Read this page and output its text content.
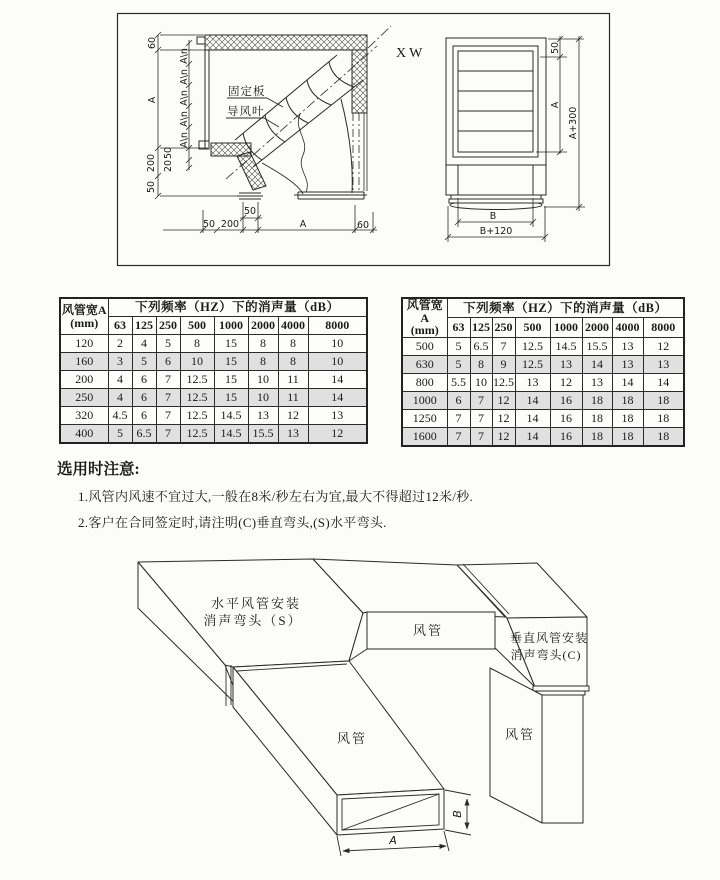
60
A
200
50
A\n
A\n
A\n
A\n
A\n
50
20
50 200
50
A	60
固定板
导风叶
XW	50
A
A+300
B
B+120
风管宽A
(mm)	下列频率（HZ）下的消声量（dB）							
	63	125	250	500	1000	2000	4000	8000
120	2	4	5	8	15	8	8	10
160	3	5	6	10	15	8	8	10
200	4	6	7	12.5	15	10	11	14
250	4	6	7	12.5	15	10	11	14
320	4.5	6	7	12.5	14.5	13	12	13
400	5	6.5	7	12.5	14.5	15.5	13	12
风管宽A
(mm)	下列频率（HZ）下的消声量（dB）							
	63	125	250	500	1000	2000	4000	8000
500	5	6.5	7	12.5	14.5	15.5	13	12
630	5	8	9	12.5	13	14	13	13
800	5.5	10	12.5	13	12	13	14	14
1000	6	7	12	14	16	18	18	18
1250	7	7	12	14	16	18	18	18
1600	7	7	12	14	16	18	18	18
选用时注意:
1.风管内风速不宜过大,一般在8米/秒左右为宜,最大不得超过12米/秒.
2.客户在合同签定时,请注明(C)垂直弯头,(S)水平弯头.
水平风管安装
消声弯头（S）
风管	垂直风管安装
消声弯头(C)
风管	风管
A
B
